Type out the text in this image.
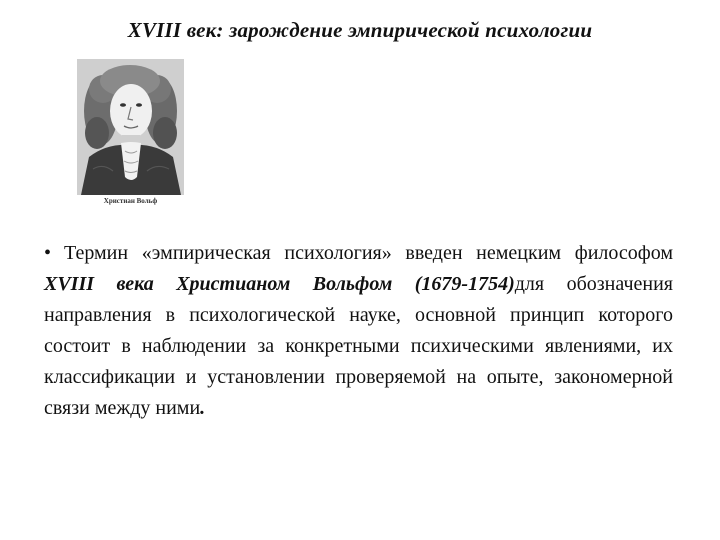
XVIII век: зарождение эмпирической психологии
Христиан Вольф

• Термин «эмпирическая психология» введен немецким философом XVIII века Христианом Вольфом (1679-1754)для обозначения направления в психологической науке, основной принцип которого состоит в наблюдении за конкретными психическими явлениями, их классификации и установлении проверяемой на опыте, закономерной связи между ними.
